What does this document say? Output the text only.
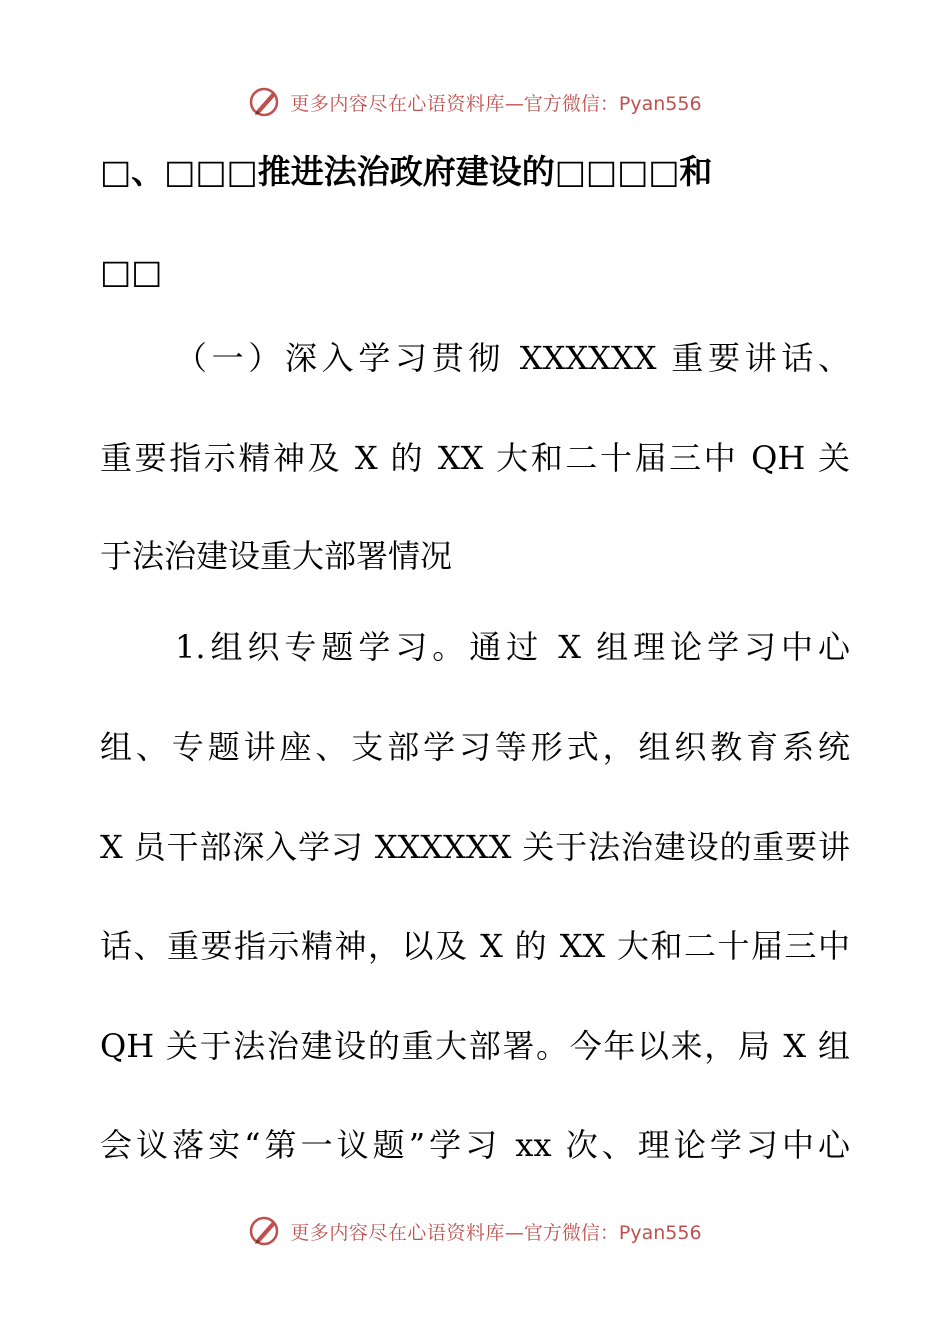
更多内容尽在心语资料库 —官方微信：Pyan556
□、□□□推进法治政府建设的□□□□和
□□
（一）深入学习贯彻 XXXXXX 重要讲话、
重要指示精神及 X 的 XX 大和二十届三中 QH 关
于法治建设重大部署情况
1.组织专题学习。通过 X 组理论学习中心
组、专题讲座、支部学习等形式，组织教育系统
X 员干部深入学习 XXXXXX 关于法治建设的重要讲
话、重要指示精神，以及 X 的 XX 大和二十届三中
QH 关于法治建设的重大部署。今年以来，局 X 组
会议落实“第一议题”学习 xx 次、理论学习中心
更多内容尽在心语资料库 —官方微信：Pyan556
